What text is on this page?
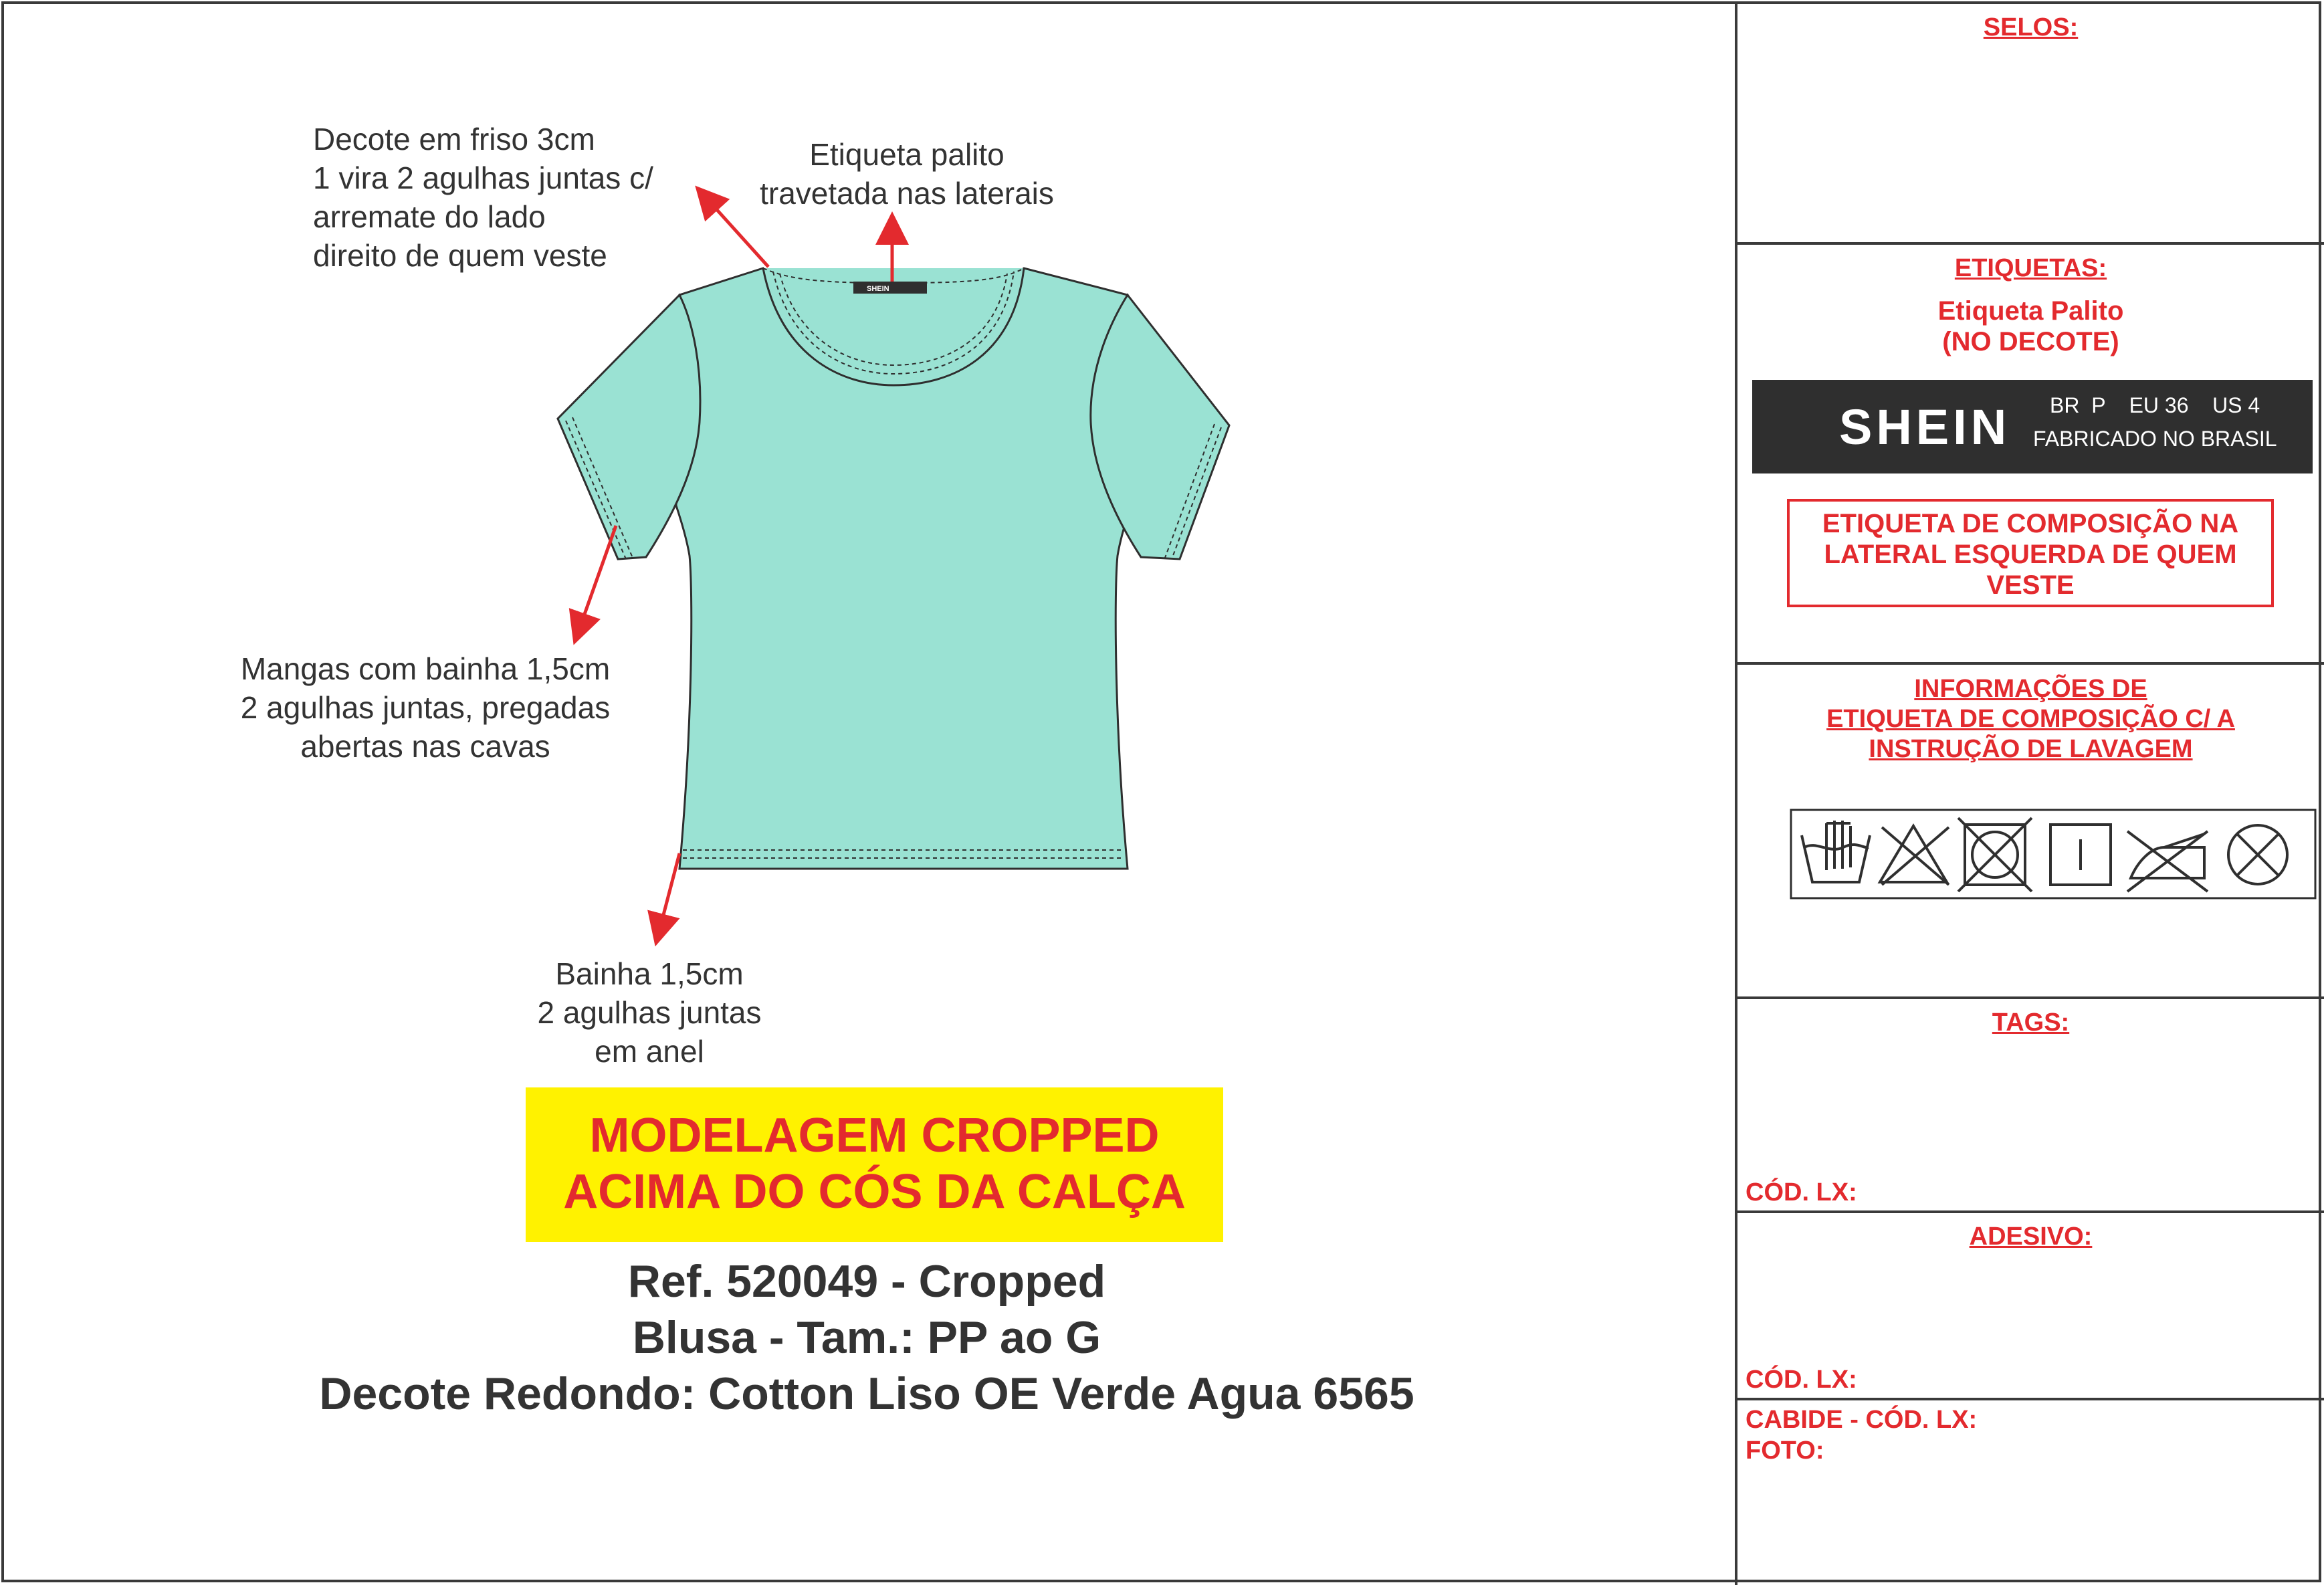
SHEIN
Decote em friso 3cm
1 vira 2 agulhas juntas c/
arremate do lado
direito de quem veste
Etiqueta palito
travetada nas laterais
Mangas com bainha 1,5cm
2 agulhas juntas, pregadas
abertas nas cavas
Bainha 1,5cm
2 agulhas juntas
em anel
MODELAGEM CROPPED
ACIMA DO CÓS DA CALÇA
Ref. 520049 - Cropped
Blusa - Tam.: PP ao G
Decote Redondo: Cotton Liso OE Verde Agua 6565
SELOS:
ETIQUETAS:
Etiqueta Palito
(NO DECOTE)
SHEIN BR  P    EU 36    US 4
FABRICADO NO BRASIL
ETIQUETA DE COMPOSIÇÃO NA
LATERAL ESQUERDA DE QUEM
VESTE
INFORMAÇÕES DE
ETIQUETA DE COMPOSIÇÃO C/ A
INSTRUÇÃO DE LAVAGEM
TAGS:
CÓD. LX:
ADESIVO:
CÓD. LX:
CABIDE - CÓD. LX:
FOTO:
